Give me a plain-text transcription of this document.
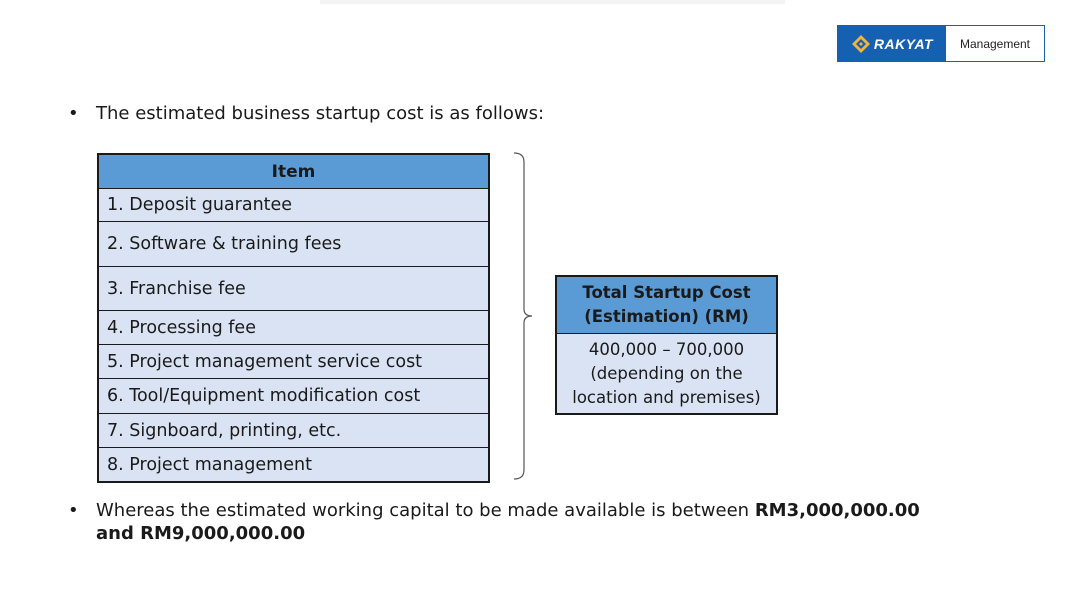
RAKYAT	Management
• The estimated business startup cost is as follows:
Item
1. Deposit guarantee
2. Software & training fees
3. Franchise fee
4. Processing fee
5. Project management service cost
6. Tool/Equipment modification cost
7. Signboard, printing, etc.
8. Project management
Total Startup Cost
(Estimation) (RM)
400,000 – 700,000
(depending on the
location and premises)
• Whereas the estimated working capital to be made available is between RM3,000,000.00 and RM9,000,000.00
